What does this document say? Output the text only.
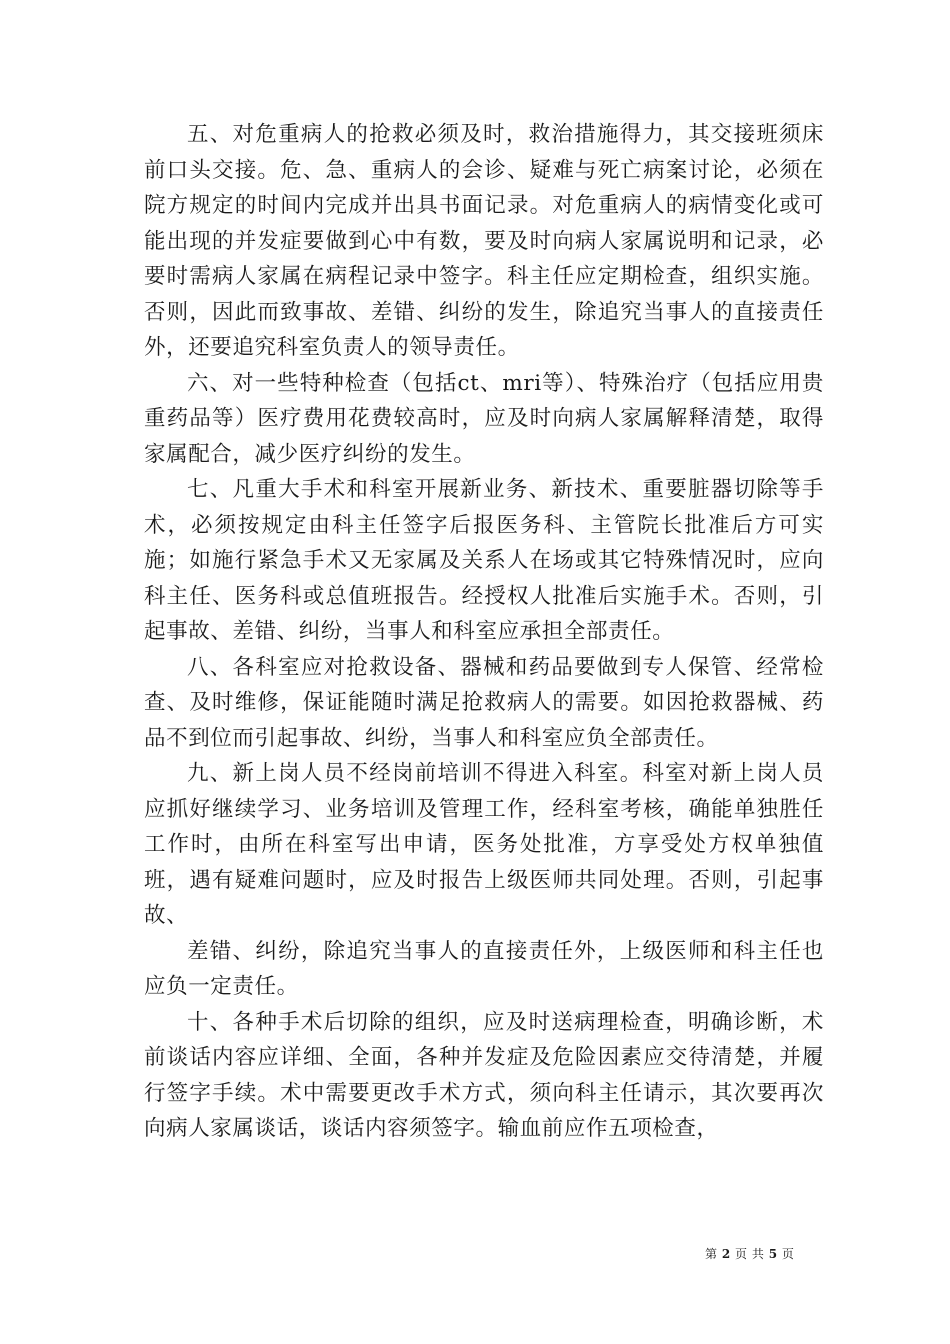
五、对危重病人的抢救必须及时，救治措施得力，其交接班须床前口头交接。危、急、重病人的会诊、疑难与死亡病案讨论，必须在院方规定的时间内完成并出具书面记录。对危重病人的病情变化或可能出现的并发症要做到心中有数，要及时向病人家属说明和记录，必要时需病人家属在病程记录中签字。科主任应定期检查，组织实施。否则，因此而致事故、差错、纠纷的发生，除追究当事人的直接责任外，还要追究科室负责人的领导责任。

六、对一些特种检查（包括ct、mri等）、特殊治疗（包括应用贵重药品等）医疗费用花费较高时，应及时向病人家属解释清楚，取得家属配合，减少医疗纠纷的发生。

七、凡重大手术和科室开展新业务、新技术、重要脏器切除等手术，必须按规定由科主任签字后报医务科、主管院长批准后方可实施；如施行紧急手术又无家属及关系人在场或其它特殊情况时，应向科主任、医务科或总值班报告。经授权人批准后实施手术。否则，引起事故、差错、纠纷，当事人和科室应承担全部责任。

八、各科室应对抢救设备、器械和药品要做到专人保管、经常检查、及时维修，保证能随时满足抢救病人的需要。如因抢救器械、药品不到位而引起事故、纠纷，当事人和科室应负全部责任。

九、新上岗人员不经岗前培训不得进入科室。科室对新上岗人员应抓好继续学习、业务培训及管理工作，经科室考核，确能单独胜任工作时，由所在科室写出申请，医务处批准，方享受处方权单独值班，遇有疑难问题时，应及时报告上级医师共同处理。否则，引起事故、

差错、纠纷，除追究当事人的直接责任外，上级医师和科主任也应负一定责任。

十、各种手术后切除的组织，应及时送病理检查，明确诊断，术前谈话内容应详细、全面，各种并发症及危险因素应交待清楚，并履行签字手续。术中需要更改手术方式，须向科主任请示，其次要再次向病人家属谈话，谈话内容须签字。输血前应作五项检查，

第 2 页 共 5 页
